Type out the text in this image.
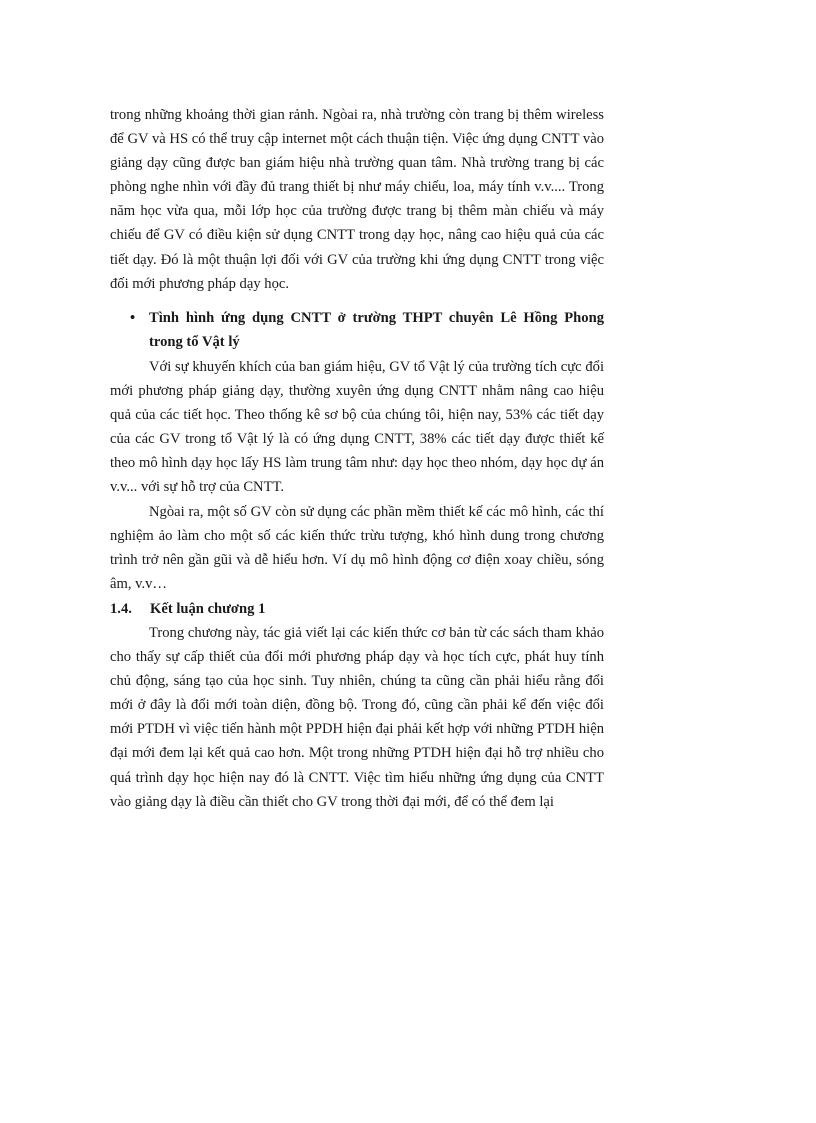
trong những khoảng thời gian rảnh. Ngòai ra, nhà trường còn trang bị thêm wireless để GV và HS có thể truy cập internet một cách thuận tiện. Việc ứng dụng CNTT vào giảng dạy cũng được ban giám hiệu nhà trường quan tâm. Nhà trường trang bị các phòng nghe nhìn với đầy đủ trang thiết bị như máy chiếu, loa, máy tính v.v.... Trong năm học vừa qua, mỗi lớp học của trường được trang bị thêm màn chiếu và máy chiếu để GV có điều kiện sử dụng CNTT trong dạy học, nâng cao hiệu quả của các tiết dạy. Đó là một thuận lợi đối với GV của trường khi ứng dụng CNTT trong việc đối mới phương pháp dạy học.

• Tình hình ứng dụng CNTT ở trường THPT chuyên Lê Hồng Phong trong tổ Vật lý

Với sự khuyến khích của ban giám hiệu, GV tổ Vật lý của trường tích cực đổi mới phương pháp giảng dạy, thường xuyên ứng dụng CNTT nhằm nâng cao hiệu quả của các tiết học. Theo thống kê sơ bộ của chúng tôi, hiện nay, 53% các tiết dạy của các GV trong tổ Vật lý là có ứng dụng CNTT, 38% các tiết dạy được thiết kế theo mô hình dạy học lấy HS làm trung tâm như: dạy học theo nhóm, dạy học dự án v.v... với sự hỗ trợ của CNTT.

Ngòai ra, một số GV còn sử dụng các phần mềm thiết kế các mô hình, các thí nghiệm ảo làm cho một số các kiến thức trừu tượng, khó hình dung trong chương trình trở nên gần gũi và dễ hiểu hơn. Ví dụ mô hình động cơ điện xoay chiều, sóng âm, v.v…

1.4. Kết luận chương 1

Trong chương này, tác giả viết lại các kiến thức cơ bản từ các sách tham khảo cho thấy sự cấp thiết của đổi mới phương pháp dạy và học tích cực, phát huy tính chủ động, sáng tạo của học sinh. Tuy nhiên, chúng ta cũng cần phải hiểu rằng đổi mới ở đây là đổi mới toàn diện, đồng bộ. Trong đó, cũng cần phải kể đến việc đổi mới PTDH vì việc tiến hành một PPDH hiện đại phải kết hợp với những PTDH hiện đại mới đem lại kết quả cao hơn. Một trong những PTDH hiện đại hỗ trợ nhiều cho quá trình dạy học hiện nay đó là CNTT. Việc tìm hiểu những ứng dụng của CNTT vào giảng dạy là điều cần thiết cho GV trong thời đại mới, để có thể đem lại
